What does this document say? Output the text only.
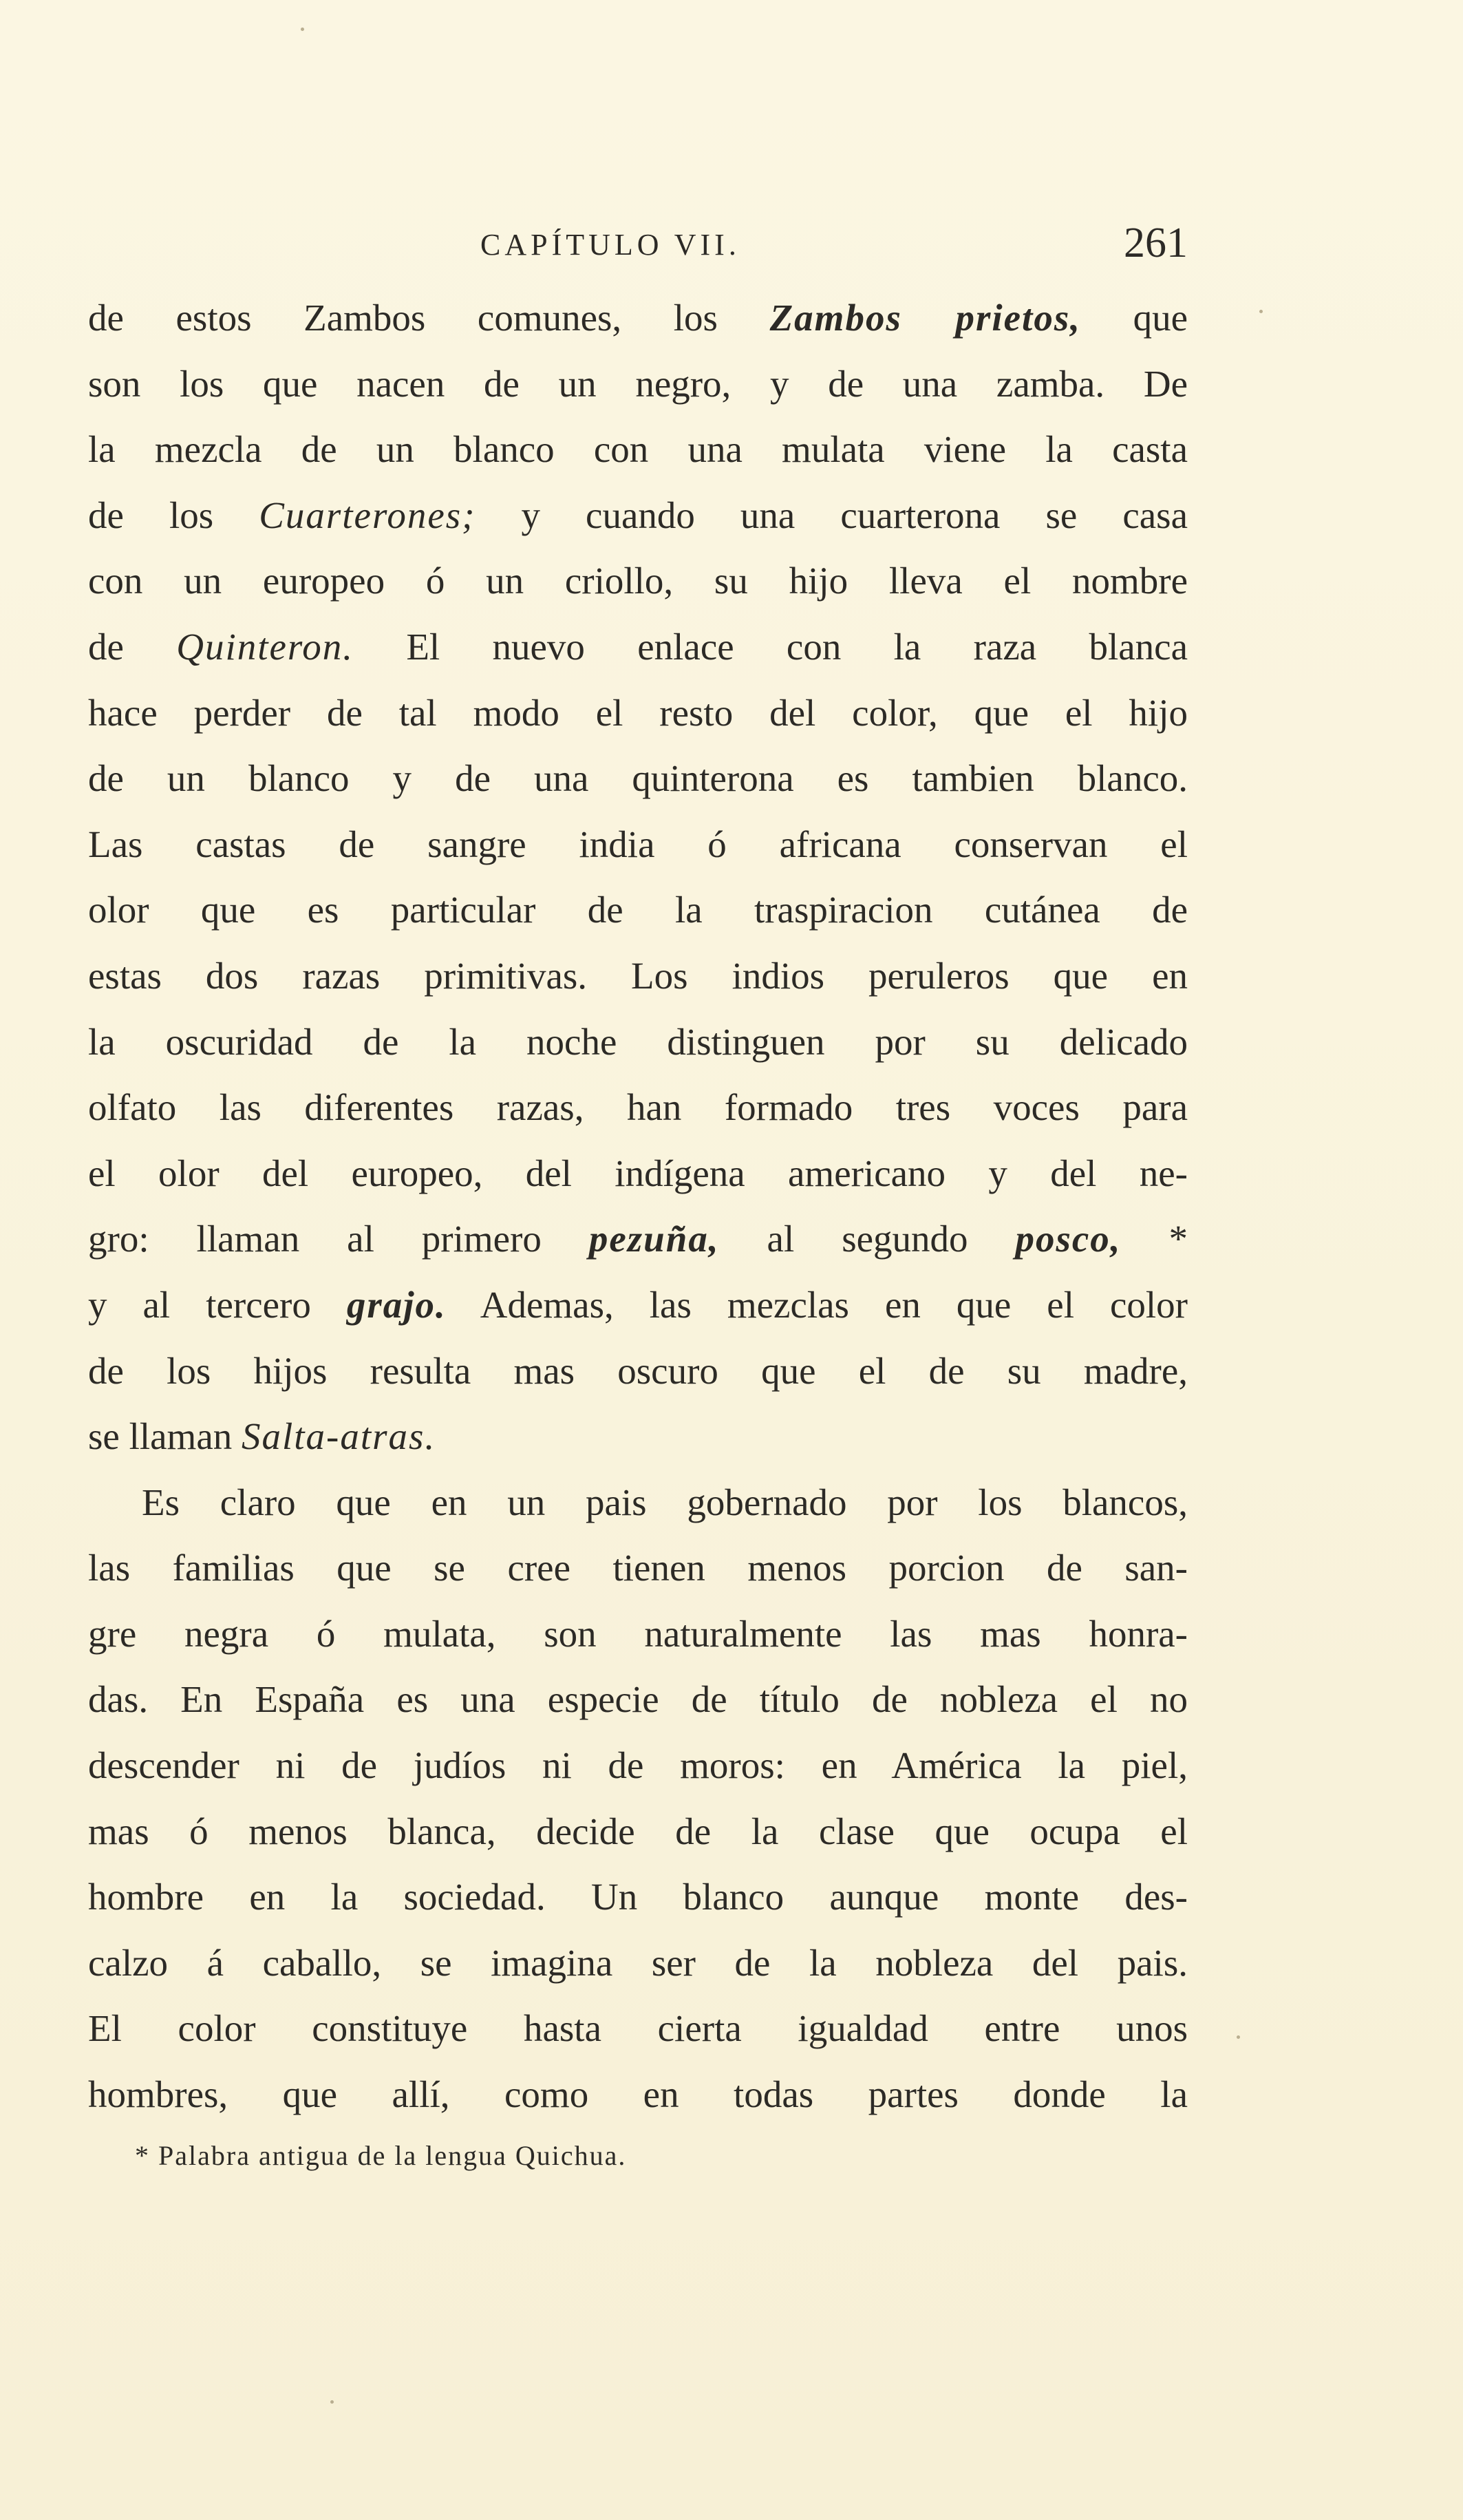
CAPÍTULO VII.	261
de estos Zambos comunes, los Zambos prietos, que
son los que nacen de un negro, y de una zamba. De
la mezcla de un blanco con una mulata viene la casta
de los Cuarterones; y cuando una cuarterona se casa
con un europeo ó un criollo, su hijo lleva el nombre
de Quinteron. El nuevo enlace con la raza blanca
hace perder de tal modo el resto del color, que el hijo
de un blanco y de una quinterona es tambien blanco.
Las castas de sangre india ó africana conservan el
olor que es particular de la traspiracion cutánea de
estas dos razas primitivas. Los indios peruleros que en
la oscuridad de la noche distinguen por su delicado
olfato las diferentes razas, han formado tres voces para
el olor del europeo, del indígena americano y del ne-
gro: llaman al primero pezuña, al segundo posco, *
y al tercero grajo. Ademas, las mezclas en que el color
de los hijos resulta mas oscuro que el de su madre,
se llaman Salta-atras.
Es claro que en un pais gobernado por los blancos,
las familias que se cree tienen menos porcion de san-
gre negra ó mulata, son naturalmente las mas honra-
das. En España es una especie de título de nobleza el no
descender ni de judíos ni de moros: en América la piel,
mas ó menos blanca, decide de la clase que ocupa el
hombre en la sociedad. Un blanco aunque monte des-
calzo á caballo, se imagina ser de la nobleza del pais.
El color constituye hasta cierta igualdad entre unos
hombres, que allí, como en todas partes donde la
* Palabra antigua de la lengua Quichua.
